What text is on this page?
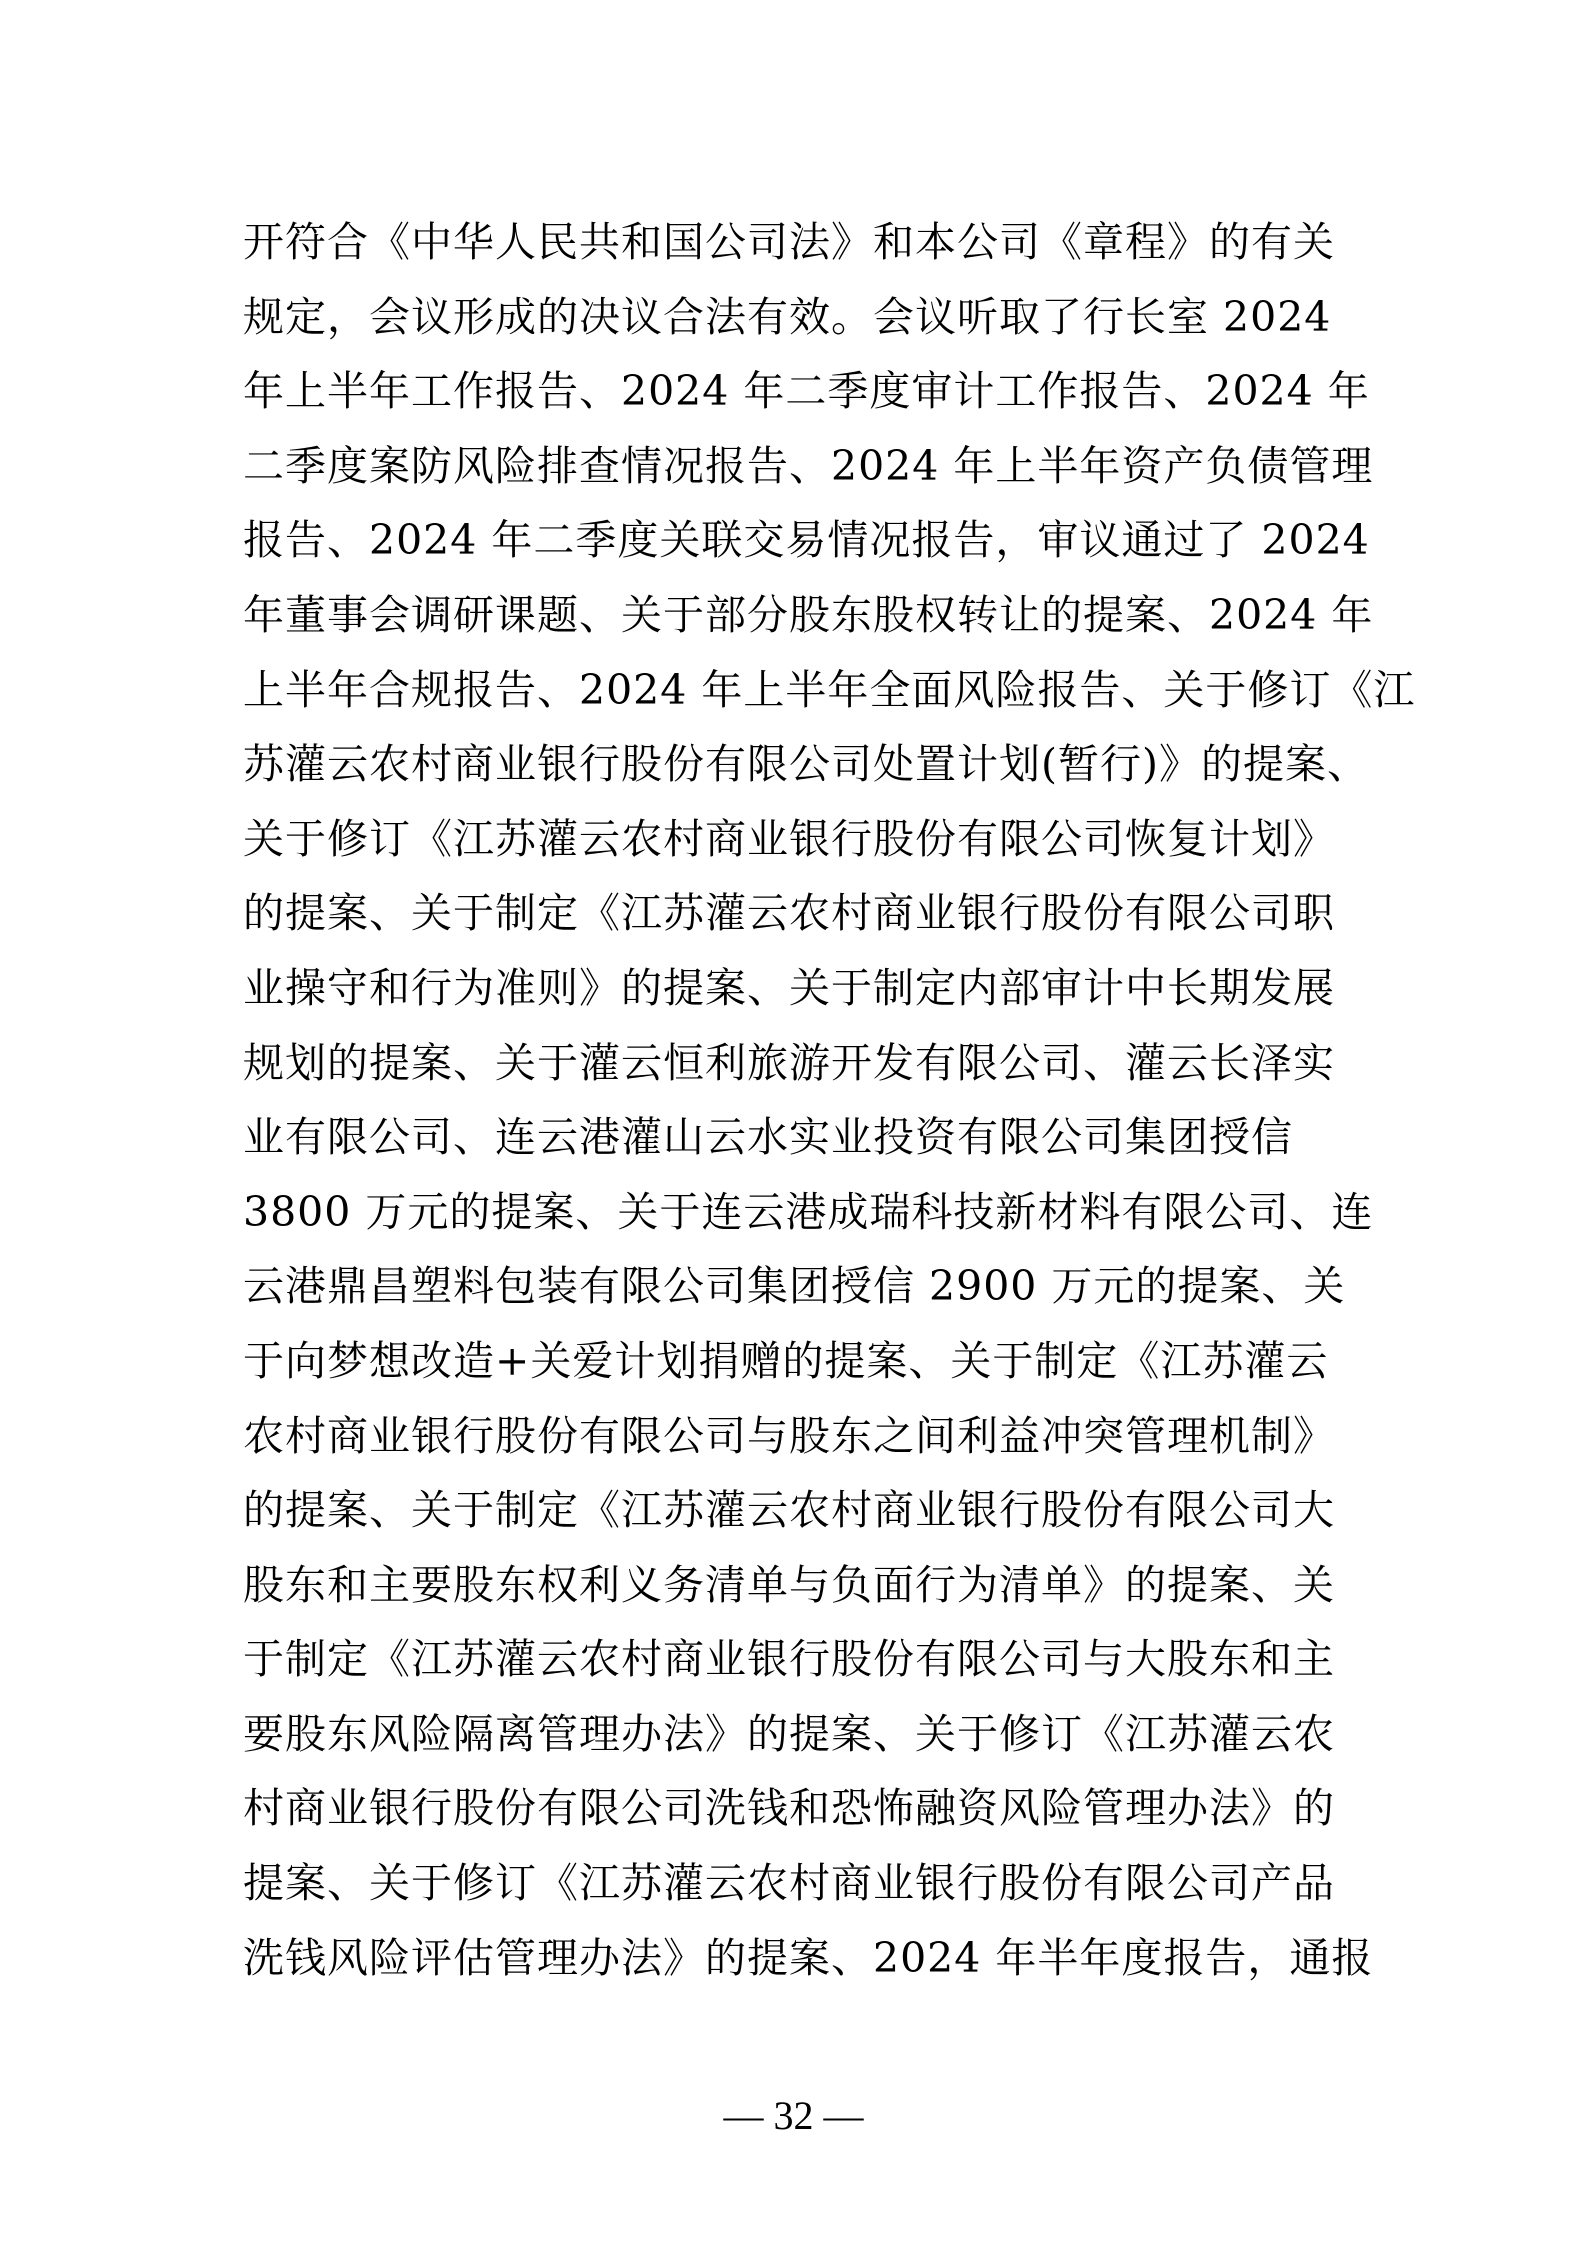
开符合《中华人民共和国公司法》和本公司《章程》的有关
规定，会议形成的决议合法有效。会议听取了行长室 2024
年上半年工作报告、2024 年二季度审计工作报告、2024 年
二季度案防风险排查情况报告、2024 年上半年资产负债管理
报告、2024 年二季度关联交易情况报告，审议通过了 2024
年董事会调研课题、关于部分股东股权转让的提案、2024 年
上半年合规报告、2024 年上半年全面风险报告、关于修订《江
苏灌云农村商业银行股份有限公司处置计划(暂行)》的提案、
关于修订《江苏灌云农村商业银行股份有限公司恢复计划》
的提案、关于制定《江苏灌云农村商业银行股份有限公司职
业操守和行为准则》的提案、关于制定内部审计中长期发展
规划的提案、关于灌云恒利旅游开发有限公司、灌云长泽实
业有限公司、连云港灌山云水实业投资有限公司集团授信
3800 万元的提案、关于连云港成瑞科技新材料有限公司、连
云港鼎昌塑料包装有限公司集团授信 2900 万元的提案、关
于向梦想改造+关爱计划捐赠的提案、关于制定《江苏灌云
农村商业银行股份有限公司与股东之间利益冲突管理机制》
的提案、关于制定《江苏灌云农村商业银行股份有限公司大
股东和主要股东权利义务清单与负面行为清单》的提案、关
于制定《江苏灌云农村商业银行股份有限公司与大股东和主
要股东风险隔离管理办法》的提案、关于修订《江苏灌云农
村商业银行股份有限公司洗钱和恐怖融资风险管理办法》的
提案、关于修订《江苏灌云农村商业银行股份有限公司产品
洗钱风险评估管理办法》的提案、2024 年半年度报告，通报
— 32 —
